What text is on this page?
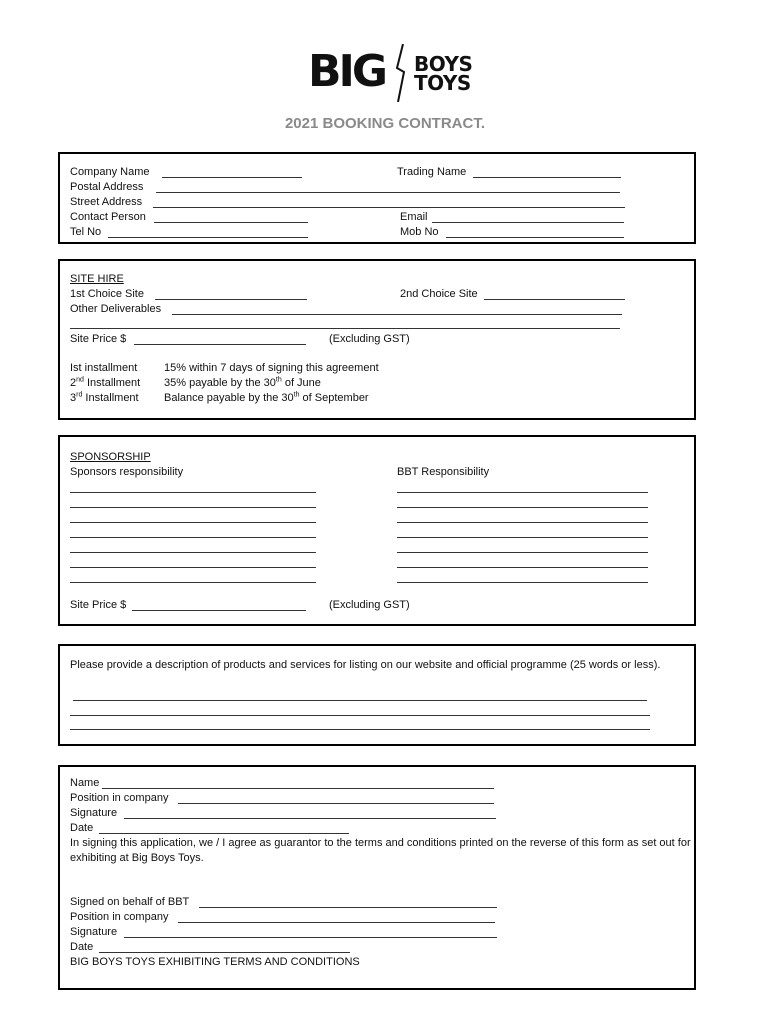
BIG BOYS
TOYS
2021 BOOKING CONTRACT.
Company Name	Trading Name
Postal Address
Street Address
Contact Person	Email
Tel No	Mob No
SITE HIRE
1st Choice Site	2nd Choice Site
Other Deliverables
Site Price $	(Excluding GST)
Ist installment 15% within 7 days of signing this agreement
2nd Installment 35% payable by the 30th of June
3rd Installment Balance payable by the 30th of September
SPONSORSHIP
Sponsors responsibility	BBT Responsibility
Site Price $	(Excluding GST)
Please provide a description of products and services for listing on our website and official programme (25 words or less).
Name
Position in company
Signature
Date
In signing this application, we / I agree as guarantor to the terms and conditions printed on the reverse of this form as set out for exhibiting at Big Boys Toys.
Signed on behalf of BBT
Position in company
Signature
Date
BIG BOYS TOYS EXHIBITING TERMS AND CONDITIONS
